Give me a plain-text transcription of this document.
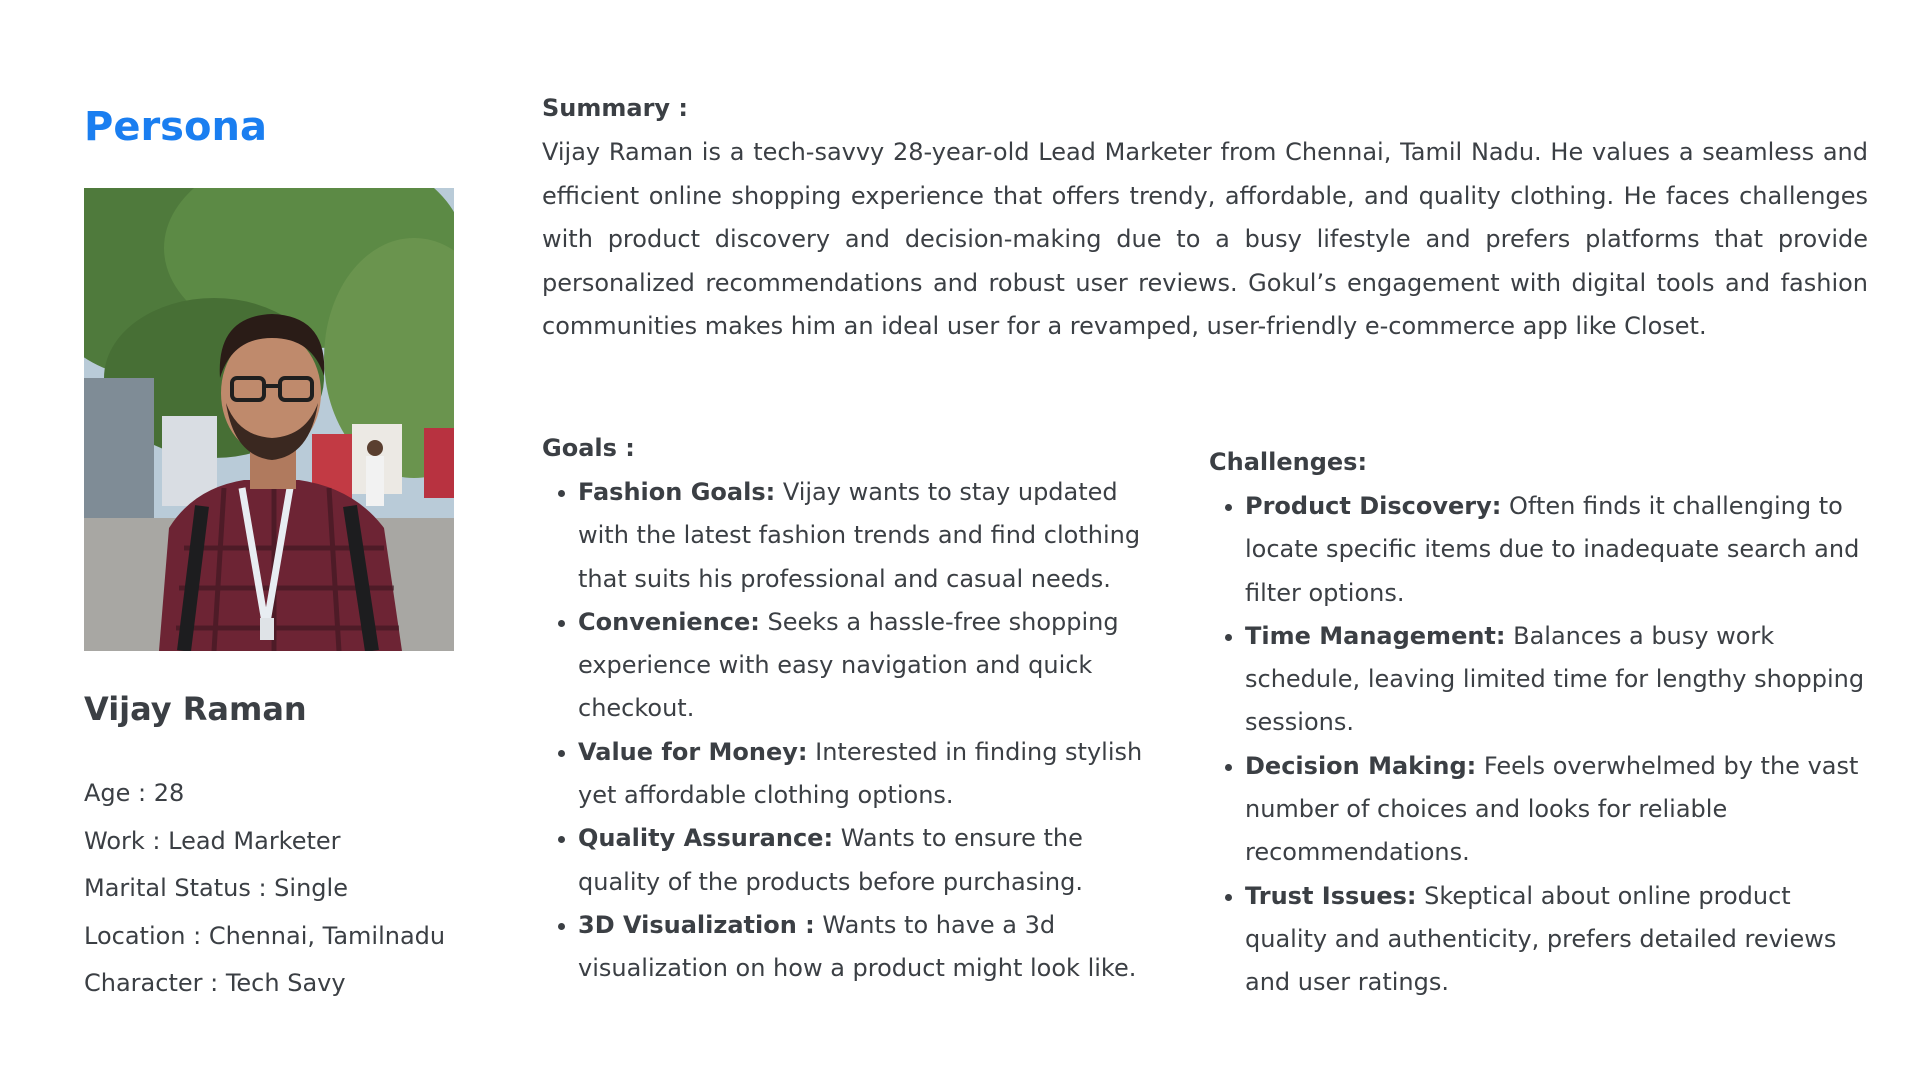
Persona
Vijay Raman
Age : 28
Work : Lead Marketer
Marital Status : Single
Location : Chennai, Tamilnadu
Character : Tech Savy
Summary :

Vijay Raman is a tech-savvy 28-year-old Lead Marketer from Chennai, Tamil Nadu. He values a seamless and efficient online shopping experience that offers trendy, affordable, and quality clothing. He faces challenges with product discovery and decision-making due to a busy lifestyle and prefers platforms that provide personalized recommendations and robust user reviews. Gokul’s engagement with digital tools and fashion communities makes him an ideal user for a revamped, user-friendly e-commerce app like Closet.

Goals :
Fashion Goals: Vijay wants to stay updated with the latest fashion trends and find clothing that suits his professional and casual needs.
Convenience: Seeks a hassle-free shopping experience with easy navigation and quick checkout.
Value for Money: Interested in finding stylish yet affordable clothing options.
Quality Assurance: Wants to ensure the quality of the products before purchasing.
3D Visualization : Wants to have a 3d visualization on how a product might look like.
Challenges:
Product Discovery: Often finds it challenging to locate specific items due to inadequate search and filter options.
Time Management: Balances a busy work schedule, leaving limited time for lengthy shopping sessions.
Decision Making: Feels overwhelmed by the vast number of choices and looks for reliable recommendations.
Trust Issues: Skeptical about online product quality and authenticity, prefers detailed reviews and user ratings.
